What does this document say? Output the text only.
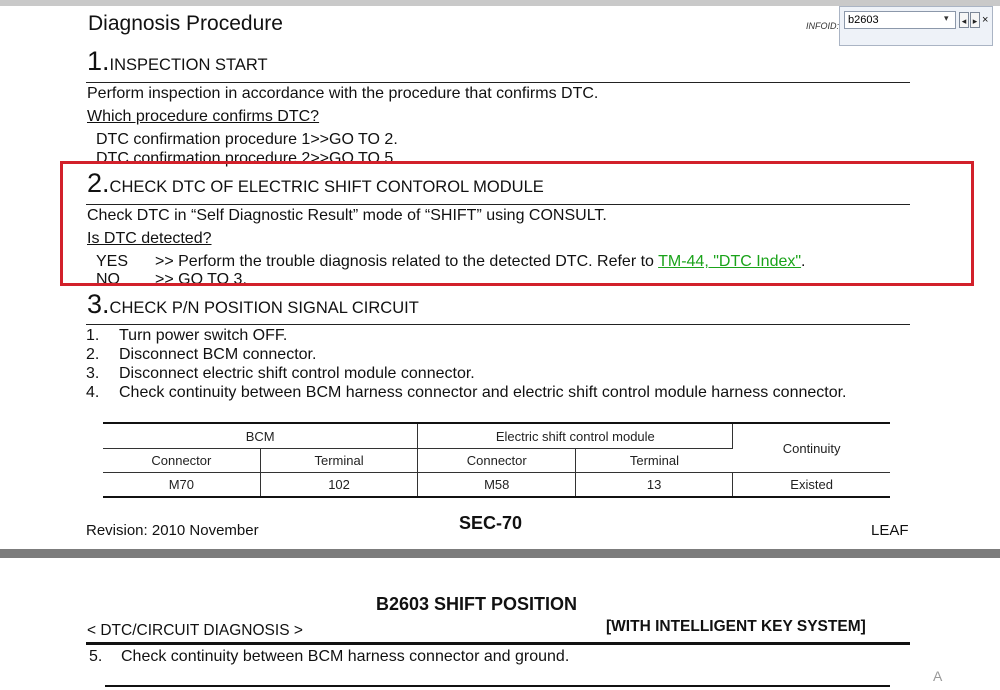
Diagnosis Procedure	INFOID:
1.INSPECTION START
Perform inspection in accordance with the procedure that confirms DTC.
Which procedure confirms DTC?
DTC confirmation procedure 1>>GO TO 2.
DTC confirmation procedure 2>>GO TO 5.
2.CHECK DTC OF ELECTRIC SHIFT CONTOROL MODULE
Check DTC in “Self Diagnostic Result” mode of “SHIFT” using CONSULT.
Is DTC detected?
YES >> Perform the trouble diagnosis related to the detected DTC. Refer to TM-44, "DTC Index".
NO >> GO TO 3.
3.CHECK P/N POSITION SIGNAL CIRCUIT
1. Turn power switch OFF.
2. Disconnect BCM connector.
3. Disconnect electric shift control module connector.
4. Check continuity between BCM harness connector and electric shift control module harness connector.
BCM		Electric shift control module		Continuity
Connector	Terminal	Connector	Terminal	
M70	102	M58	13	Existed
Revision: 2010 November	SEC-70	LEAF
b2603
▾	◂ ▸ ×
B2603 SHIFT POSITION
< DTC/CIRCUIT DIAGNOSIS >	[WITH INTELLIGENT KEY SYSTEM]
5. Check continuity between BCM harness connector and ground.
A
